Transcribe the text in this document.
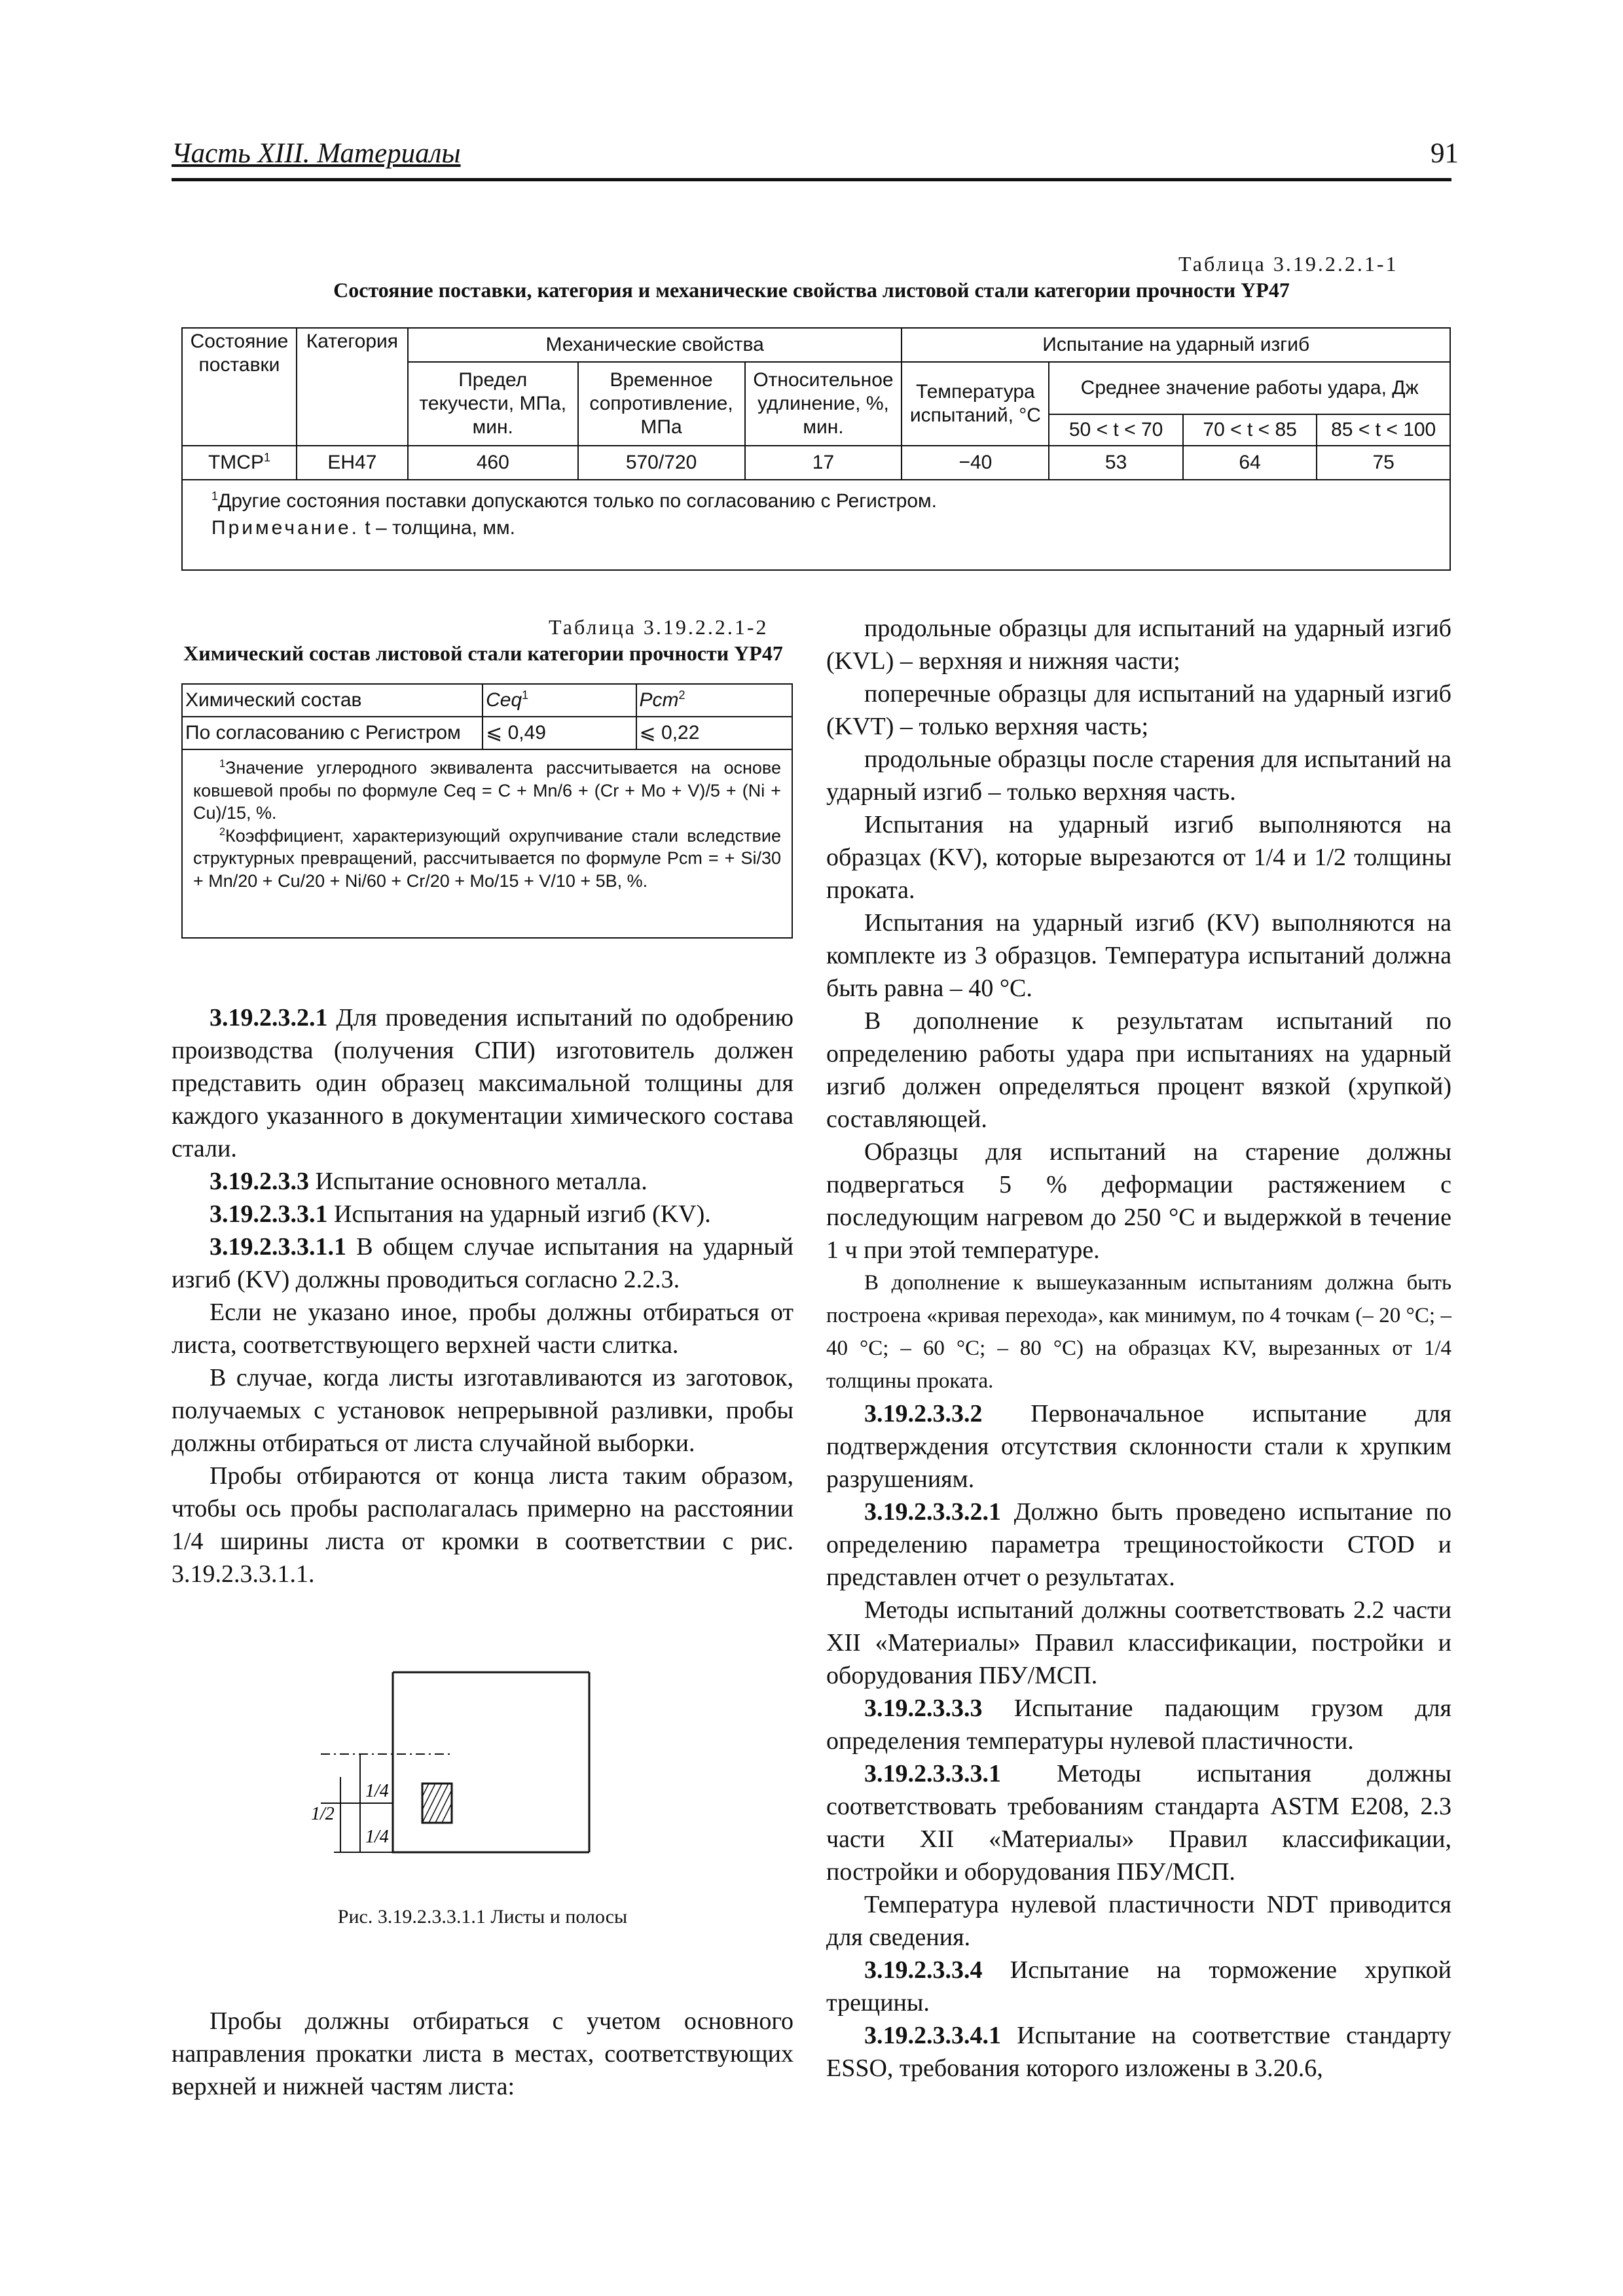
Часть XIII. Материалы	91
Таблица 3.19.2.2.1-1
Состояние поставки, категория и механические свойства листовой стали категории прочности YP47
Состояние поставки	Категория	Механические свойства			Испытание на ударный изгиб			
		Предел текучести, МПа, мин.	Временное сопротивление, МПа	Относительное удлинение, %, мин.	Температура испытаний, °С	Среднее значение работы удара, Дж		
						50 < t < 70	70 < t < 85	85 < t < 100
ТМСР$^1$	ЕН47	460	570/720	17	−40	53	64	75

$^1$Другие состояния поставки допускаются только по согласованию с Регистром.
Примечание. t – толщина, мм.								
Таблица 3.19.2.2.1-2
Химический состав листовой стали категории прочности YP47
Химический состав	Ceq$^1$	Pcm$^2$
По согласованию с Регистром	⩽ 0,49	⩽ 0,22

$^1$Значение углеродного эквивалента рассчитывается на основе ковшевой пробы по формуле Ceq = C + Mn/6 + (Cr + Mo + V)/5 + (Ni + Cu)/15, %.
$^2$Коэффициент, характеризующий охрупчивание стали вследствие структурных превращений, рассчитывается по формуле Pcm = + Si/30 + Mn/20 + Cu/20 + Ni/60 + Cr/20 + Mo/15 + V/10 + 5B, %.		

3.19.2.3.2.1 Для проведения испытаний по одобрению производства (получения СПИ) изготовитель должен представить один образец максимальной толщины для каждого указанного в документации химического состава стали.

3.19.2.3.3 Испытание основного металла.

3.19.2.3.3.1 Испытания на ударный изгиб (KV).

3.19.2.3.3.1.1 В общем случае испытания на ударный изгиб (KV) должны проводиться согласно 2.2.3.

Если не указано иное, пробы должны отбираться от листа, соответствующего верхней части слитка.

В случае, когда листы изготавливаются из заготовок, получаемых с установок непрерывной разливки, пробы должны отбираться от листа случайной выборки.

Пробы отбираются от конца листа таким образом, чтобы ось пробы располагалась примерно на расстоянии 1/4 ширины листа от кромки в соответствии с рис. 3.19.2.3.3.1.1.

1/4
1/2
1/4
Рис. 3.19.2.3.3.1.1 Листы и полосы

Пробы должны отбираться с учетом основного направления прокатки листа в местах, соответствующих верхней и нижней частям листа:

продольные образцы для испытаний на ударный изгиб (KVL) – верхняя и нижняя части;

поперечные образцы для испытаний на ударный изгиб (KVT) – только верхняя часть;

продольные образцы после старения для испытаний на ударный изгиб – только верхняя часть.

Испытания на ударный изгиб выполняются на образцах (KV), которые вырезаются от 1/4 и 1/2 толщины проката.

Испытания на ударный изгиб (KV) выполняются на комплекте из 3 образцов. Температура испытаний должна быть равна – 40 °С.

В дополнение к результатам испытаний по определению работы удара при испытаниях на ударный изгиб должен определяться процент вязкой (хрупкой) составляющей.

Образцы для испытаний на старение должны подвергаться 5 % деформации растяжением с последующим нагревом до 250 °С и выдержкой в течение 1 ч при этой температуре.

В дополнение к вышеуказанным испытаниям должна быть построена «кривая перехода», как минимум, по 4 точкам (– 20 °С; – 40 °С; – 60 °С; – 80 °С) на образцах KV, вырезанных от 1/4 толщины проката.

3.19.2.3.3.2 Первоначальное испытание для подтверждения отсутствия склонности стали к хрупким разрушениям.

3.19.2.3.3.2.1 Должно быть проведено испытание по определению параметра трещиностойкости CTOD и представлен отчет о результатах.

Методы испытаний должны соответствовать 2.2 части XII «Материалы» Правил классификации, постройки и оборудования ПБУ/МСП.

3.19.2.3.3.3 Испытание падающим грузом для определения температуры нулевой пластичности.

3.19.2.3.3.3.1 Методы испытания должны соответствовать требованиям стандарта ASTM E208, 2.3 части XII «Материалы» Правил классификации, постройки и оборудования ПБУ/МСП.

Температура нулевой пластичности NDT приводится для сведения.

3.19.2.3.3.4 Испытание на торможение хрупкой трещины.

3.19.2.3.3.4.1 Испытание на соответствие стандарту ESSO, требования которого изложены в 3.20.6,
